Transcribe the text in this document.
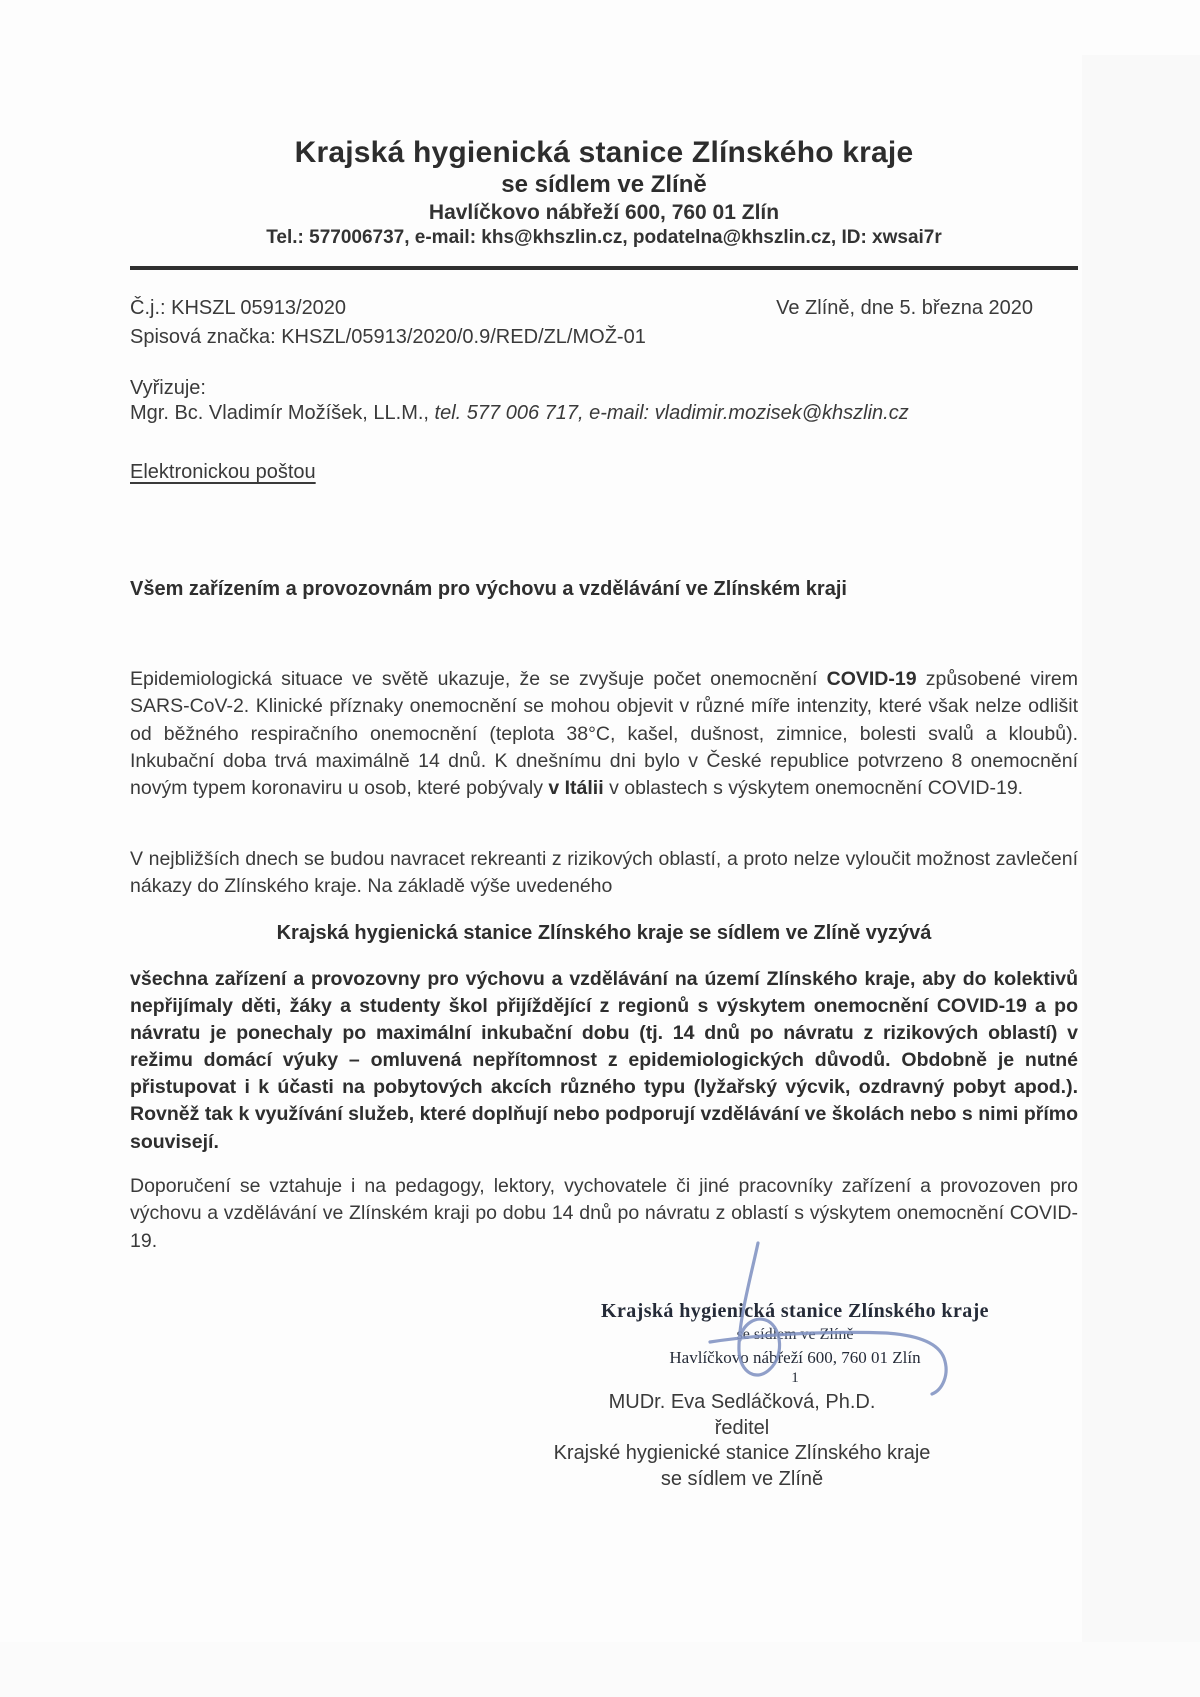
Krajská hygienická stanice Zlínského kraje
se sídlem ve Zlíně
Havlíčkovo nábřeží 600, 760 01 Zlín
Tel.: 577006737, e-mail: khs@khszlin.cz, podatelna@khszlin.cz, ID: xwsai7r
Č.j.: KHSZL 05913/2020	Ve Zlíně, dne 5. března 2020
Spisová značka: KHSZL/05913/2020/0.9/RED/ZL/MOŽ-01
Vyřizuje:
Mgr. Bc. Vladimír Možíšek, LL.M., tel. 577 006 717, e-mail: vladimir.mozisek@khszlin.cz
Elektronickou poštou
Všem zařízením a provozovnám pro výchovu a vzdělávání ve Zlínském kraji
Epidemiologická situace ve světě ukazuje, že se zvyšuje počet onemocnění COVID-19 způsobené virem SARS-CoV-2. Klinické příznaky onemocnění se mohou objevit v různé míře intenzity, které však nelze odlišit od běžného respiračního onemocnění (teplota 38°C, kašel, dušnost, zimnice, bolesti svalů a kloubů). Inkubační doba trvá maximálně 14 dnů. K dnešnímu dni bylo v České republice potvrzeno 8 onemocnění novým typem koronaviru u osob, které pobývaly v Itálii v oblastech s výskytem onemocnění COVID-19.
V nejbližších dnech se budou navracet rekreanti z rizikových oblastí, a proto nelze vyloučit možnost zavlečení nákazy do Zlínského kraje. Na základě výše uvedeného
Krajská hygienická stanice Zlínského kraje se sídlem ve Zlíně vyzývá
všechna zařízení a provozovny pro výchovu a vzdělávání na území Zlínského kraje, aby do kolektivů nepřijímaly děti, žáky a studenty škol přijíždějící z regionů s výskytem onemocnění COVID-19 a po návratu je ponechaly po maximální inkubační dobu (tj. 14 dnů po návratu z rizikových oblastí) v režimu domácí výuky – omluvená nepřítomnost z epidemiologických důvodů. Obdobně je nutné přistupovat i k účasti na pobytových akcích různého typu (lyžařský výcvik, ozdravný pobyt apod.). Rovněž tak k využívání služeb, které doplňují nebo podporují vzdělávání ve školách nebo s nimi přímo souvisejí.
Doporučení se vztahuje i na pedagogy, lektory, vychovatele či jiné pracovníky zařízení a provozoven pro výchovu a vzdělávání ve Zlínském kraji po dobu 14 dnů po návratu z oblastí s výskytem onemocnění COVID-19.
Krajská hygienická stanice Zlínského kraje
se sídlem ve Zlíně
Havlíčkovo nábřeží 600, 760 01 Zlín
1
MUDr. Eva Sedláčková, Ph.D.
ředitel
Krajské hygienické stanice Zlínského kraje
se sídlem ve Zlíně
